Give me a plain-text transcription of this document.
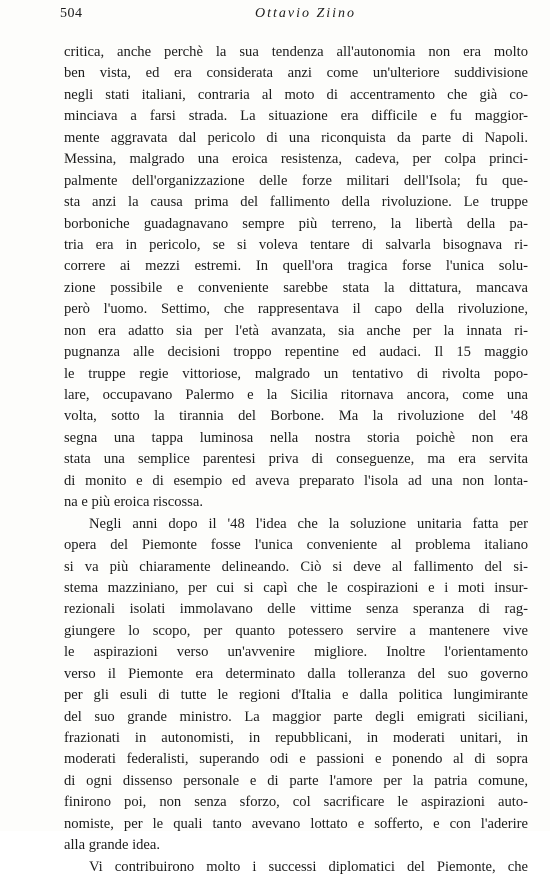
504	Ottavio Ziino
critica, anche perchè la sua tendenza all'autonomia non era molto
ben vista, ed era considerata anzi come un'ulteriore suddivisione
negli stati italiani, contraria al moto di accentramento che già co-
minciava a farsi strada. La situazione era difficile e fu maggior-
mente aggravata dal pericolo di una riconquista da parte di Napoli.
Messina, malgrado una eroica resistenza, cadeva, per colpa princi-
palmente dell'organizzazione delle forze militari dell'Isola; fu que-
sta anzi la causa prima del fallimento della rivoluzione. Le truppe
borboniche guadagnavano sempre più terreno, la libertà della pa-
tria era in pericolo, se si voleva tentare di salvarla bisognava ri-
correre ai mezzi estremi. In quell'ora tragica forse l'unica solu-
zione possibile e conveniente sarebbe stata la dittatura, mancava
però l'uomo. Settimo, che rappresentava il capo della rivoluzione,
non era adatto sia per l'età avanzata, sia anche per la innata ri-
pugnanza alle decisioni troppo repentine ed audaci. Il 15 maggio
le truppe regie vittoriose, malgrado un tentativo di rivolta popo-
lare, occupavano Palermo e la Sicilia ritornava ancora, come una
volta, sotto la tirannia del Borbone. Ma la rivoluzione del '48
segna una tappa luminosa nella nostra storia poichè non era
stata una semplice parentesi priva di conseguenze, ma era servita
di monito e di esempio ed aveva preparato l'isola ad una non lonta-
na e più eroica riscossa.
Negli anni dopo il '48 l'idea che la soluzione unitaria fatta per
opera del Piemonte fosse l'unica conveniente al problema italiano
si va più chiaramente delineando. Ciò si deve al fallimento del si-
stema mazziniano, per cui si capì che le cospirazioni e i moti insur-
rezionali isolati immolavano delle vittime senza speranza di rag-
giungere lo scopo, per quanto potessero servire a mantenere vive
le aspirazioni verso un'avvenire migliore. Inoltre l'orientamento
verso il Piemonte era determinato dalla tolleranza del suo governo
per gli esuli di tutte le regioni d'Italia e dalla politica lungimirante
del suo grande ministro. La maggior parte degli emigrati siciliani,
frazionati in autonomisti, in repubblicani, in moderati unitari, in
moderati federalisti, superando odi e passioni e ponendo al di sopra
di ogni dissenso personale e di parte l'amore per la patria comune,
finirono poi, non senza sforzo, col sacrificare le aspirazioni auto-
nomiste, per le quali tanto avevano lottato e sofferto, e con l'aderire
alla grande idea.
Vi contribuirono molto i successi diplomatici del Piemonte, che
